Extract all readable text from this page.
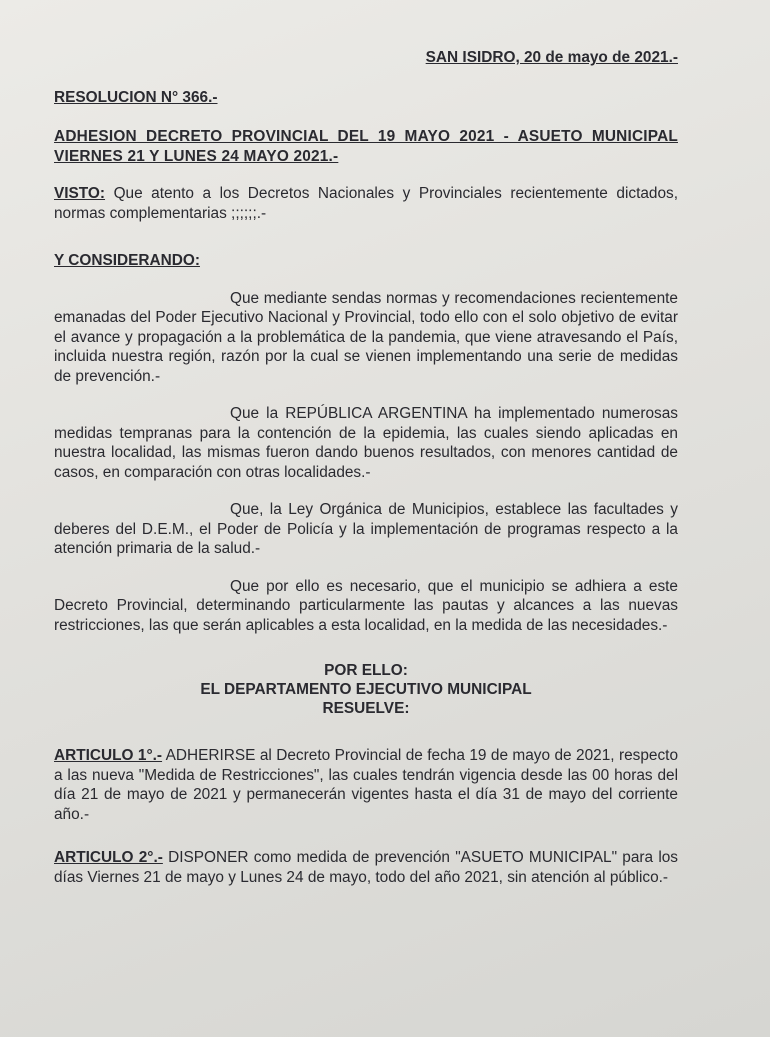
SAN ISIDRO, 20 de mayo de 2021.-
RESOLUCION N° 366.-
ADHESION DECRETO PROVINCIAL DEL 19 MAYO 2021 - ASUETO MUNICIPAL VIERNES 21 Y LUNES 24 MAYO 2021.-
VISTO: Que atento a los Decretos Nacionales y Provinciales recientemente dictados, normas complementarias ;;;;;;.-
Y CONSIDERANDO:

Que mediante sendas normas y recomendaciones recientemente emanadas del Poder Ejecutivo Nacional y Provincial, todo ello con el solo objetivo de evitar el avance y propagación a la problemática de la pandemia, que viene atravesando el País, incluida nuestra región, razón por la cual se vienen implementando una serie de medidas de prevención.-

Que la REPÚBLICA ARGENTINA ha implementado numerosas medidas tempranas para la contención de la epidemia, las cuales siendo aplicadas en nuestra localidad, las mismas fueron dando buenos resultados, con menores cantidad de casos, en comparación con otras localidades.-

Que, la Ley Orgánica de Municipios, establece las facultades y deberes del D.E.M., el Poder de Policía y la implementación de programas respecto a la atención primaria de la salud.-

Que por ello es necesario, que el municipio se adhiera a este Decreto Provincial, determinando particularmente las pautas y alcances a las nuevas restricciones, las que serán aplicables a esta localidad, en la medida de las necesidades.-

POR ELLO:
EL DEPARTAMENTO EJECUTIVO MUNICIPAL
RESUELVE:

ARTICULO 1°.- ADHERIRSE al Decreto Provincial de fecha 19 de mayo de 2021, respecto a las nueva "Medida de Restricciones", las cuales tendrán vigencia desde las 00 horas del día 21 de mayo de 2021 y permanecerán vigentes hasta el día 31 de mayo del corriente año.-

ARTICULO 2°.- DISPONER como medida de prevención "ASUETO MUNICIPAL" para los días Viernes 21 de mayo y Lunes 24 de mayo, todo del año 2021, sin atención al público.-
